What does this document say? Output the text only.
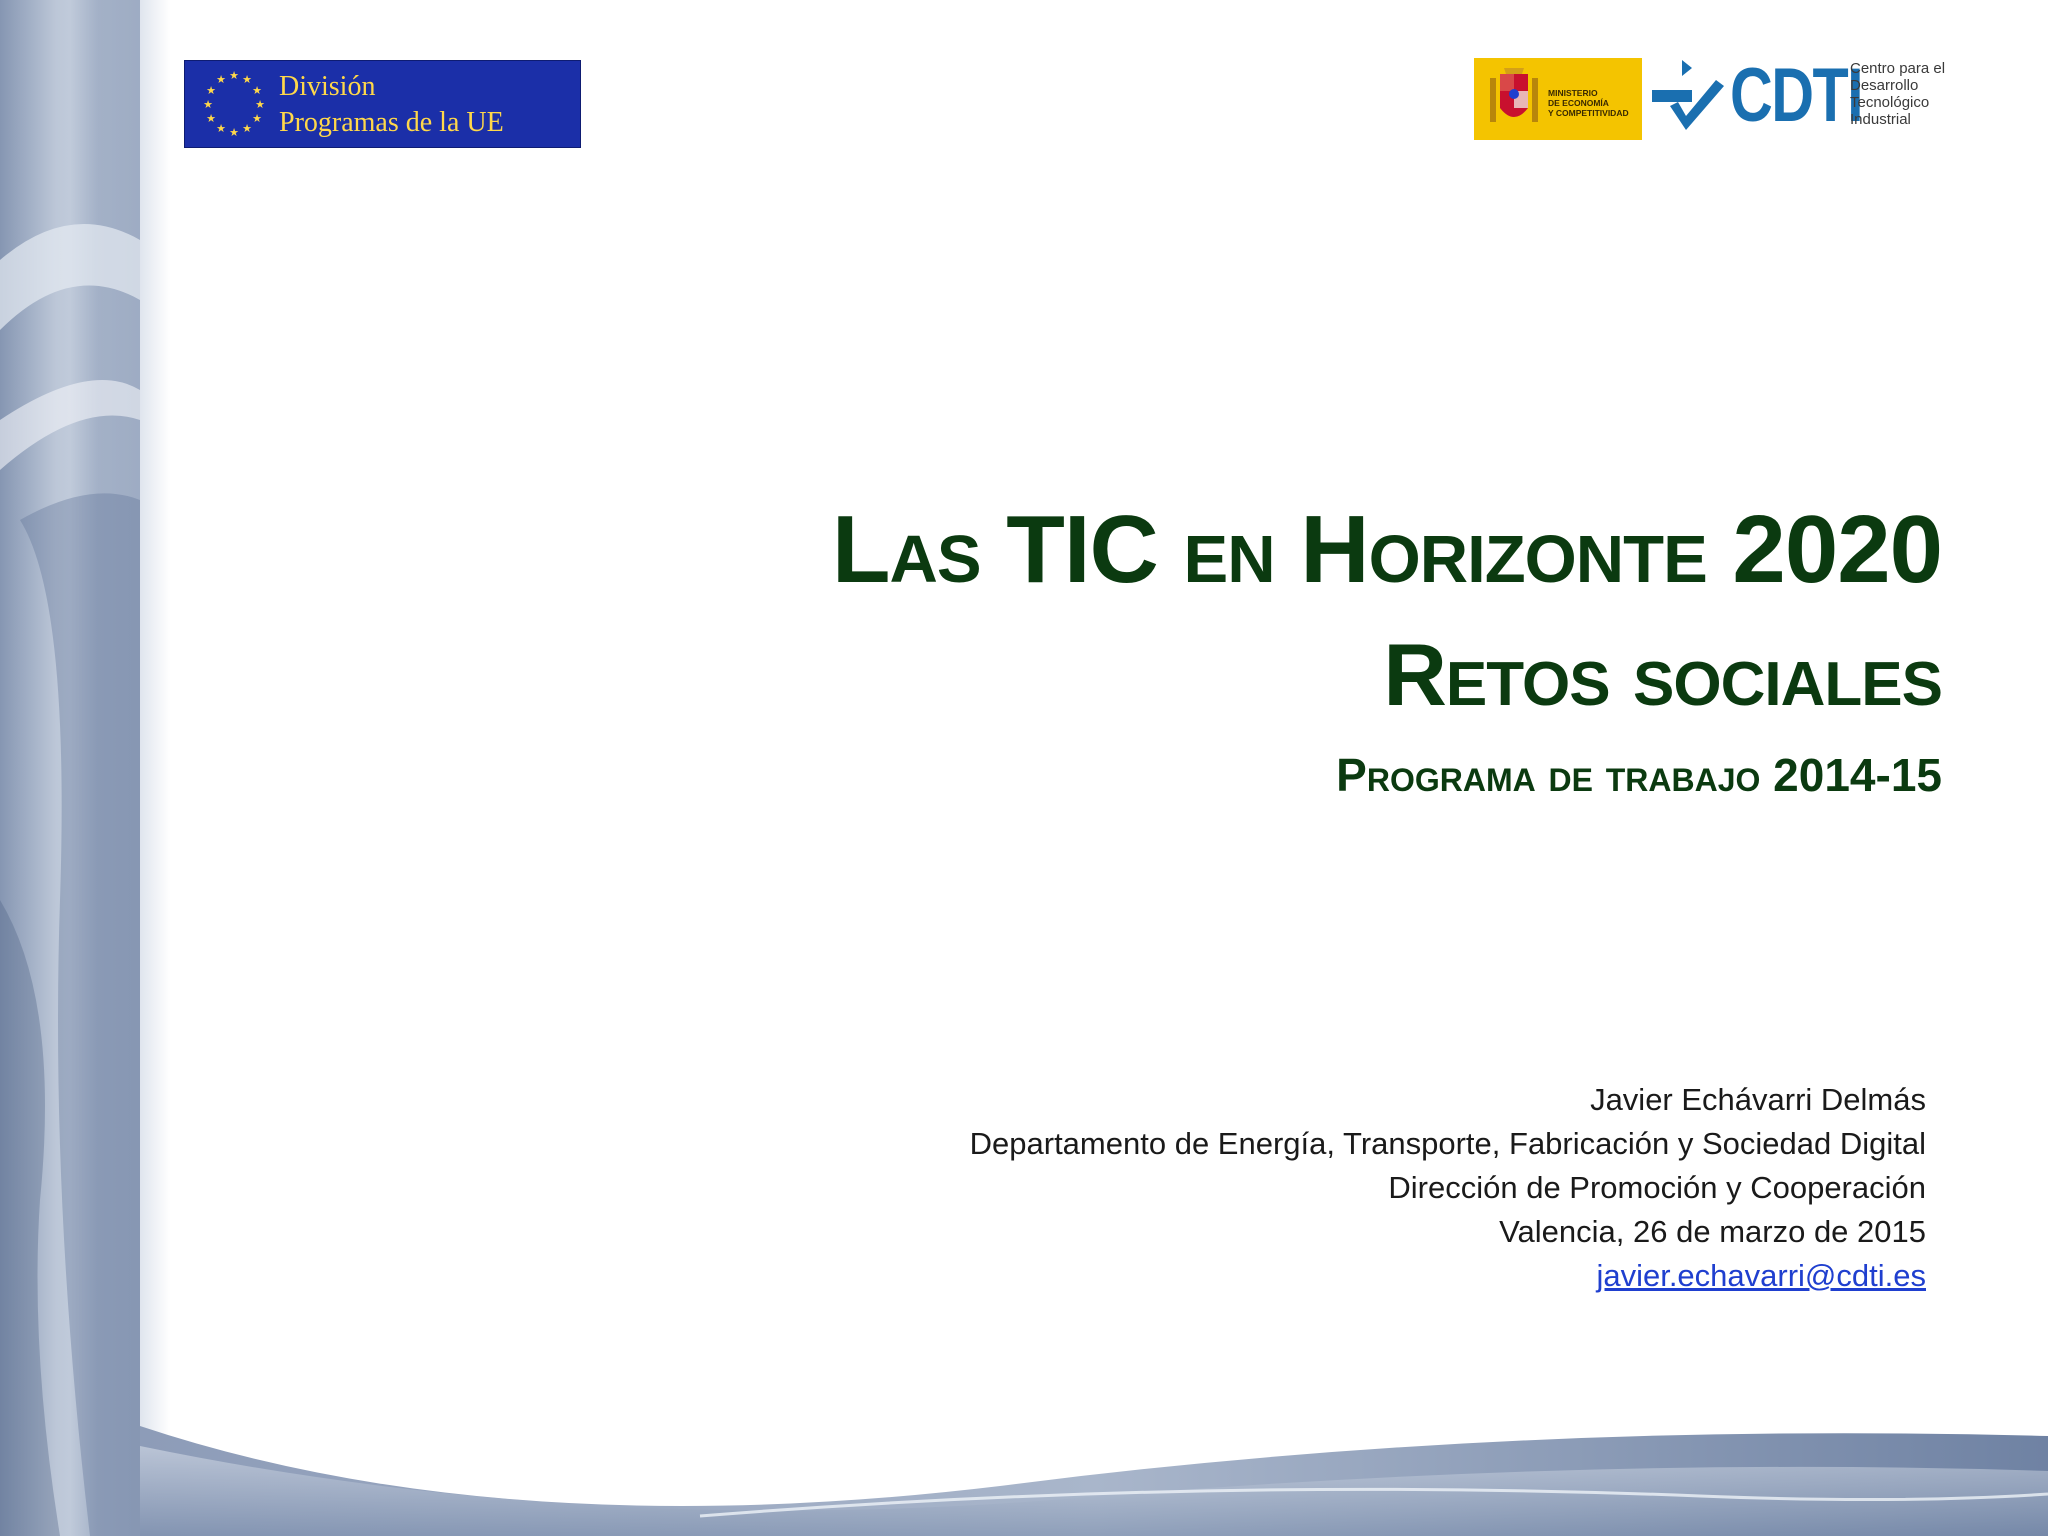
★ ★
★
★
★
★
★
★
★
★
★
★ División
Programas de la UE
MINISTERIO
DE ECONOMÍA
Y COMPETITIVIDAD CDTI
Centro para el
Desarrollo
Tecnológico
Industrial
Las TIC en Horizonte 2020
Retos sociales
Programa de trabajo 2014-15
Javier Echávarri Delmás
Departamento de Energía, Transporte, Fabricación y Sociedad Digital
Dirección de Promoción y Cooperación
Valencia, 26 de marzo de 2015
javier.echavarri@cdti.es
